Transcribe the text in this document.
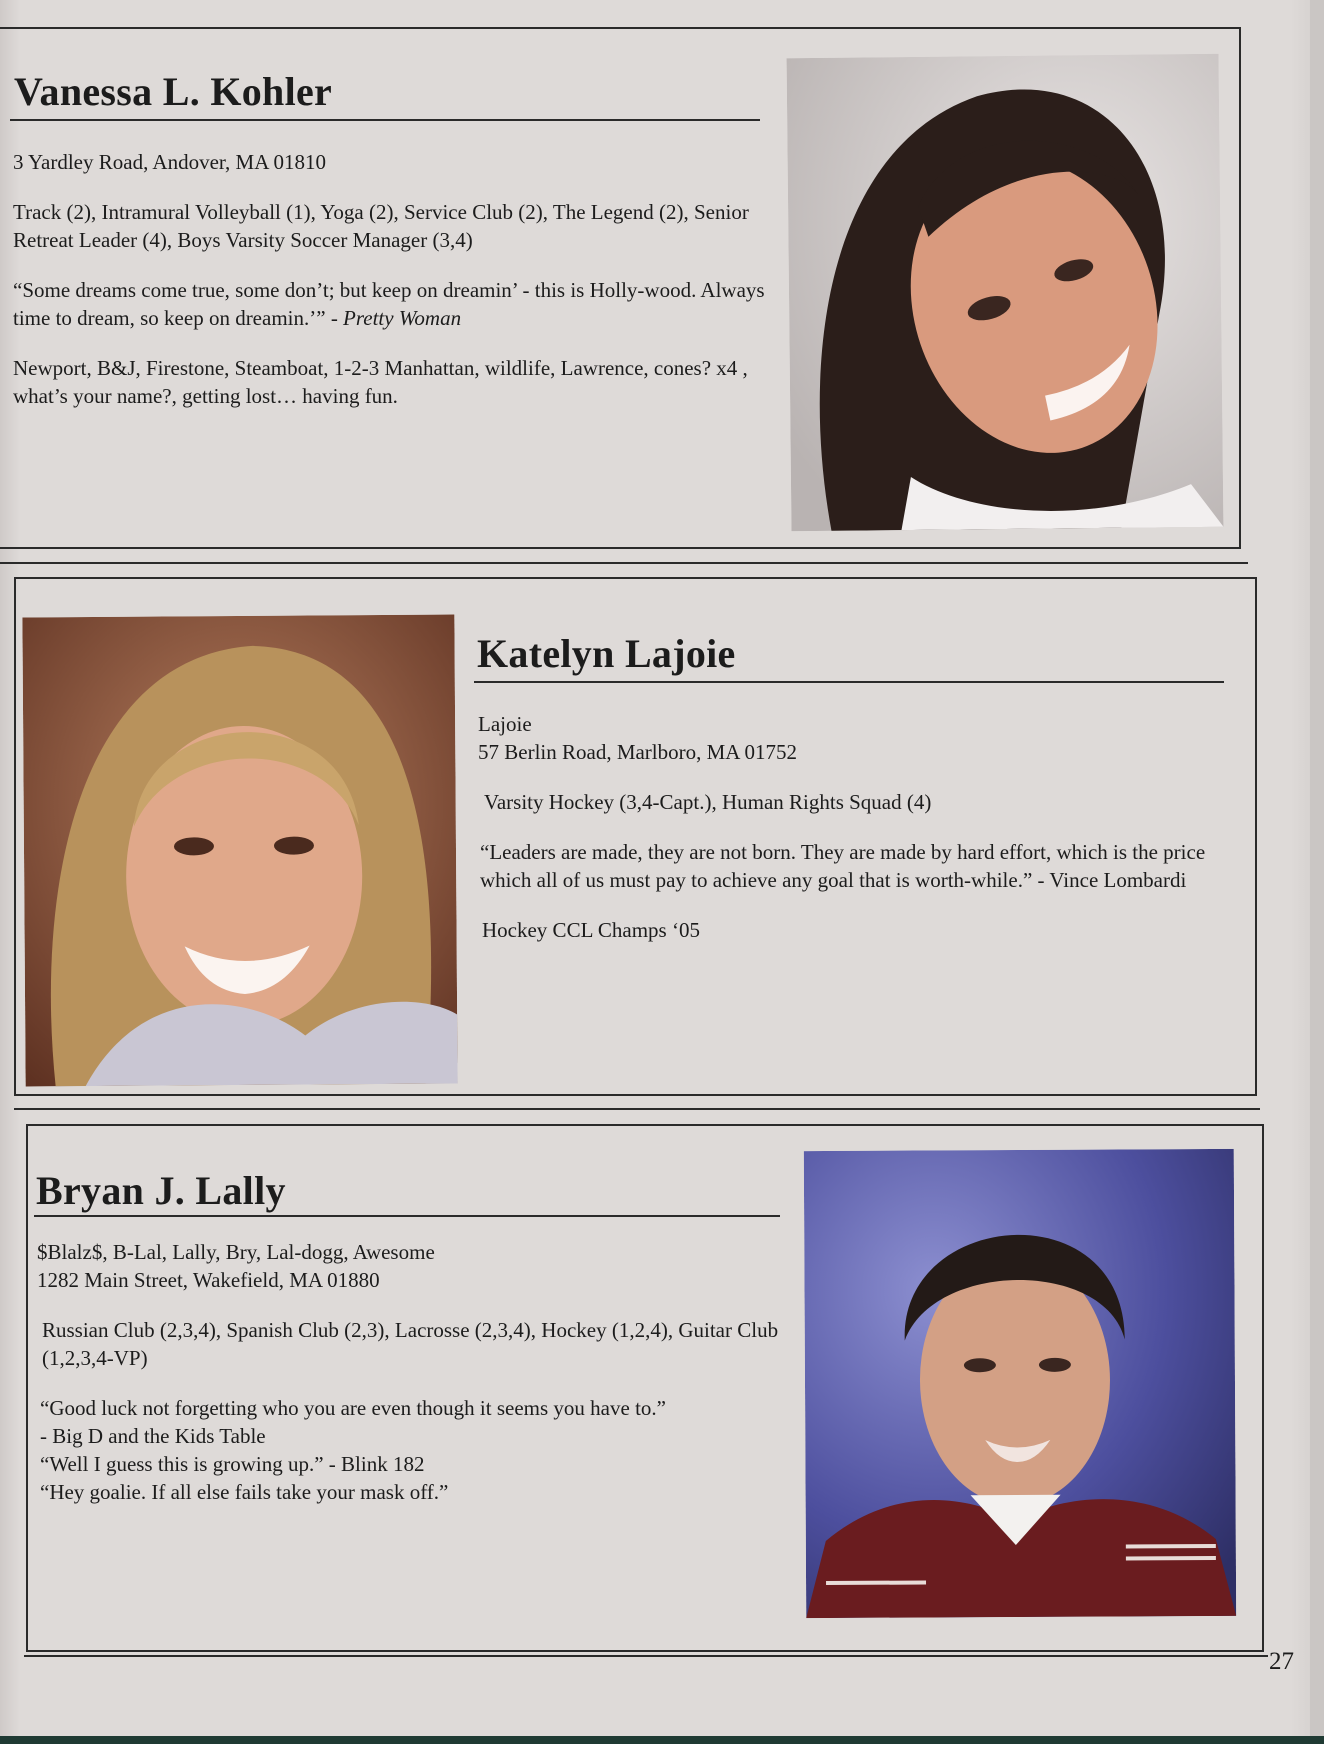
Vanessa L. Kohler

3 Yardley Road, Andover, MA 01810

Track (2), Intramural Volleyball (1), Yoga (2), Service Club (2), The Legend (2), Senior Retreat Leader (4), Boys Varsity Soccer Manager (3,4)

“Some dreams come true, some don’t; but keep on dreamin’ - this is Holly-wood. Always time to dream, so keep on dreamin.’” - Pretty Woman

Newport, B&J, Firestone, Steamboat, 1-2-3 Manhattan, wildlife, Lawrence, cones? x4 , what’s your name?, getting lost… having fun.

Katelyn Lajoie

Lajoie

57 Berlin Road, Marlboro, MA 01752

Varsity Hockey (3,4-Capt.), Human Rights Squad (4)

“Leaders are made, they are not born. They are made by hard effort, which is the price which all of us must pay to achieve any goal that is worth-while.” - Vince Lombardi

Hockey CCL Champs ‘05

Bryan J. Lally

$Blalz$, B-Lal, Lally, Bry, Lal-dogg, Awesome

1282 Main Street, Wakefield, MA 01880

Russian Club (2,3,4), Spanish Club (2,3), Lacrosse (2,3,4), Hockey (1,2,4), Guitar Club (1,2,3,4-VP)

“Good luck not forgetting who you are even though it seems you have to.”

- Big D and the Kids Table

“Well I guess this is growing up.” - Blink 182

“Hey goalie. If all else fails take your mask off.”

27
